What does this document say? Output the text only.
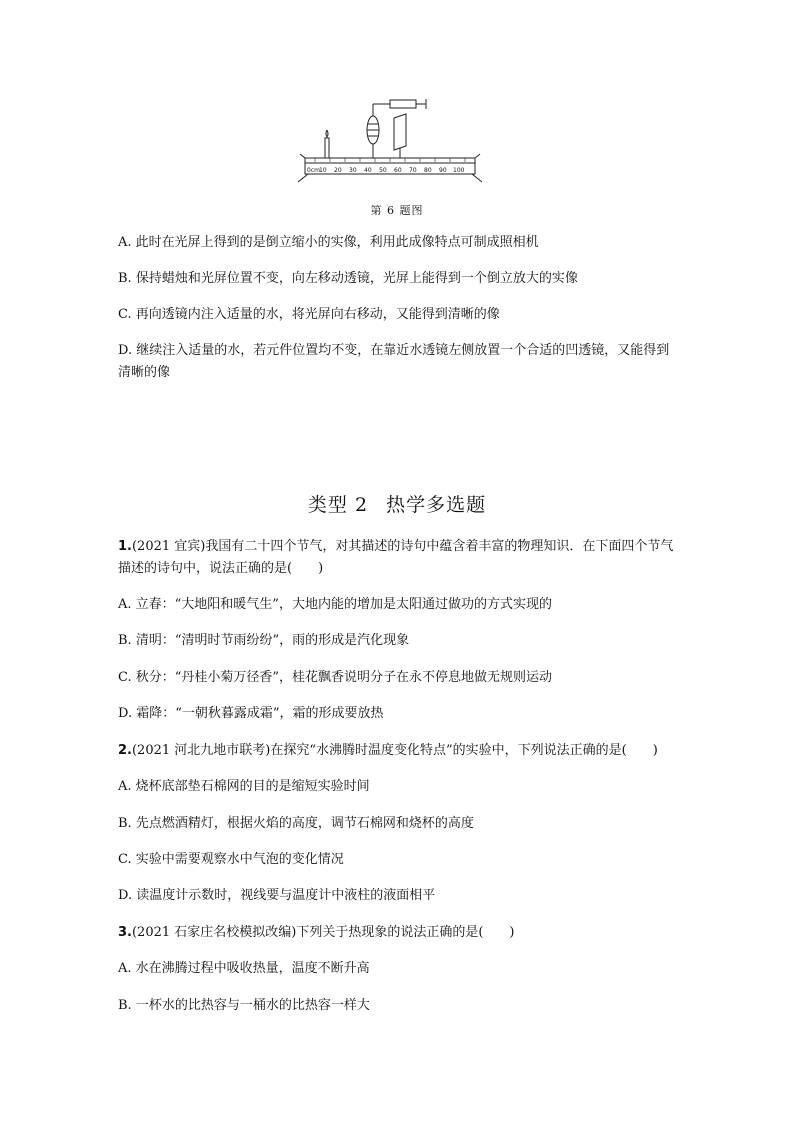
0cm 10 20 30 40 50 60 70 80 90 100
第 6 题图
A. 此时在光屏上得到的是倒立缩小的实像，利用此成像特点可制成照相机
B. 保持蜡烛和光屏位置不变，向左移动透镜，光屏上能得到一个倒立放大的实像
C. 再向透镜内注入适量的水，将光屏向右移动，又能得到清晰的像
D. 继续注入适量的水，若元件位置均不变，在靠近水透镜左侧放置一个合适的凹透镜，又能得到清晰的像
类型 2 热学多选题
1.(2021 宜宾)我国有二十四个节气，对其描述的诗句中蕴含着丰富的物理知识．在下面四个节气描述的诗句中，说法正确的是(　　)
A. 立春：“大地阳和暖气生”，大地内能的增加是太阳通过做功的方式实现的
B. 清明：“清明时节雨纷纷”，雨的形成是汽化现象
C. 秋分：“丹桂小菊万径香”，桂花飘香说明分子在永不停息地做无规则运动
D. 霜降：“一朝秋暮露成霜”，霜的形成要放热
2.(2021 河北九地市联考)在探究“水沸腾时温度变化特点”的实验中，下列说法正确的是(　　)
A. 烧杯底部垫石棉网的目的是缩短实验时间
B. 先点燃酒精灯，根据火焰的高度，调节石棉网和烧杯的高度
C. 实验中需要观察水中气泡的变化情况
D. 读温度计示数时，视线要与温度计中液柱的液面相平
3.(2021 石家庄名校模拟改编)下列关于热现象的说法正确的是(　　)
A. 水在沸腾过程中吸收热量，温度不断升高
B. 一杯水的比热容与一桶水的比热容一样大
